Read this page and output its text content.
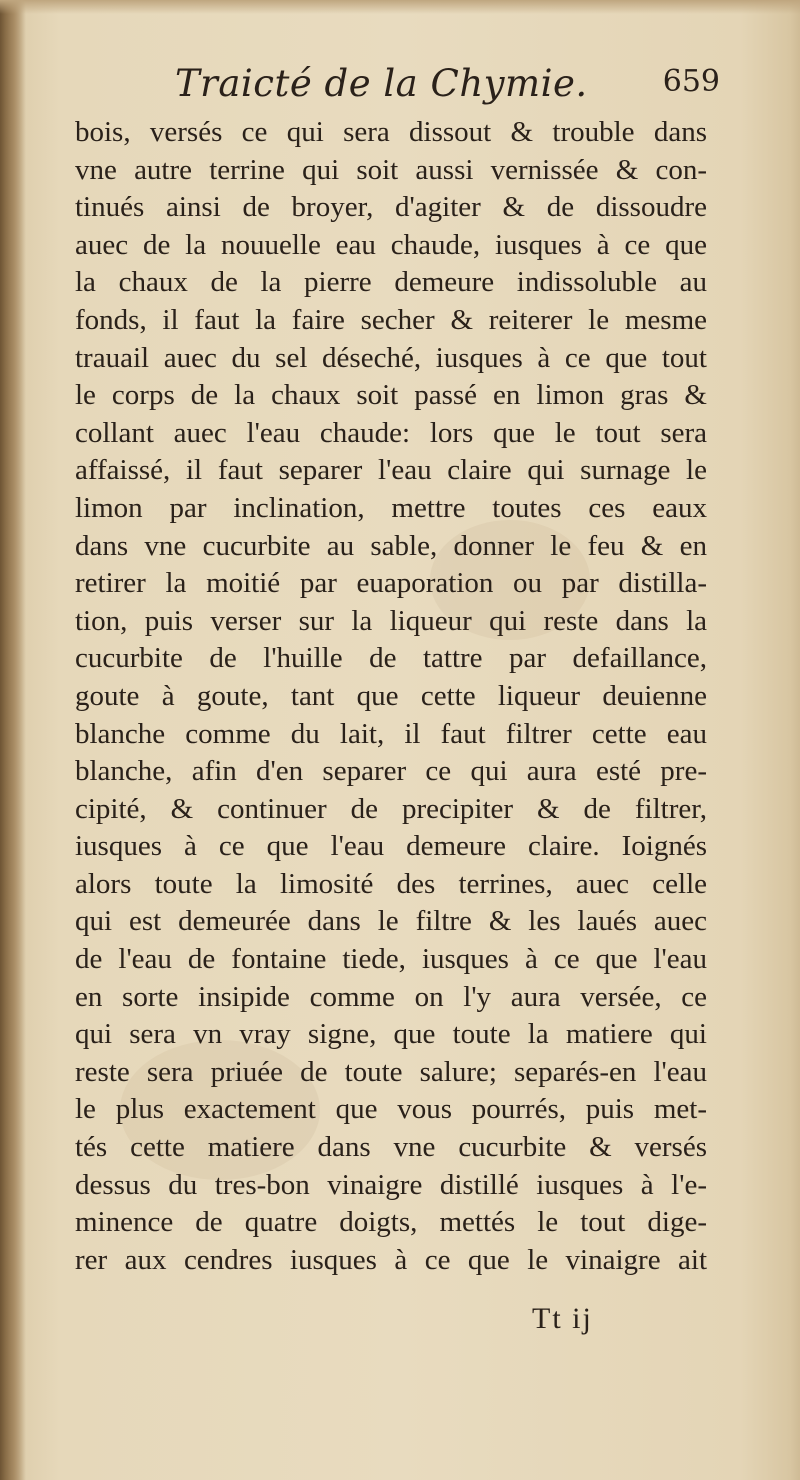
Traicté de la Chymie.	659
bois, versés ce qui sera dissout & trouble dans
vne autre terrine qui soit aussi vernissée & con-
tinués ainsi de broyer, d'agiter & de dissoudre
auec de la nouuelle eau chaude, iusques à ce que
la chaux de la pierre demeure indissoluble au
fonds, il faut la faire secher & reiterer le mesme
trauail auec du sel déseché, iusques à ce que tout
le corps de la chaux soit passé en limon gras &
collant auec l'eau chaude: lors que le tout sera
affaissé, il faut separer l'eau claire qui surnage le
limon par inclination, mettre toutes ces eaux
dans vne cucurbite au sable, donner le feu & en
retirer la moitié par euaporation ou par distilla-
tion, puis verser sur la liqueur qui reste dans la
cucurbite de l'huille de tattre par defaillance,
goute à goute, tant que cette liqueur deuienne
blanche comme du lait, il faut filtrer cette eau
blanche, afin d'en separer ce qui aura esté pre-
cipité, & continuer de precipiter & de filtrer,
iusques à ce que l'eau demeure claire. Ioignés
alors toute la limosité des terrines, auec celle
qui est demeurée dans le filtre & les laués auec
de l'eau de fontaine tiede, iusques à ce que l'eau
en sorte insipide comme on l'y aura versée, ce
qui sera vn vray signe, que toute la matiere qui
reste sera priuée de toute salure; separés-en l'eau
le plus exactement que vous pourrés, puis met-
tés cette matiere dans vne cucurbite & versés
dessus du tres-bon vinaigre distillé iusques à l'e-
minence de quatre doigts, mettés le tout dige-
rer aux cendres iusques à ce que le vinaigre ait
Tt ij
